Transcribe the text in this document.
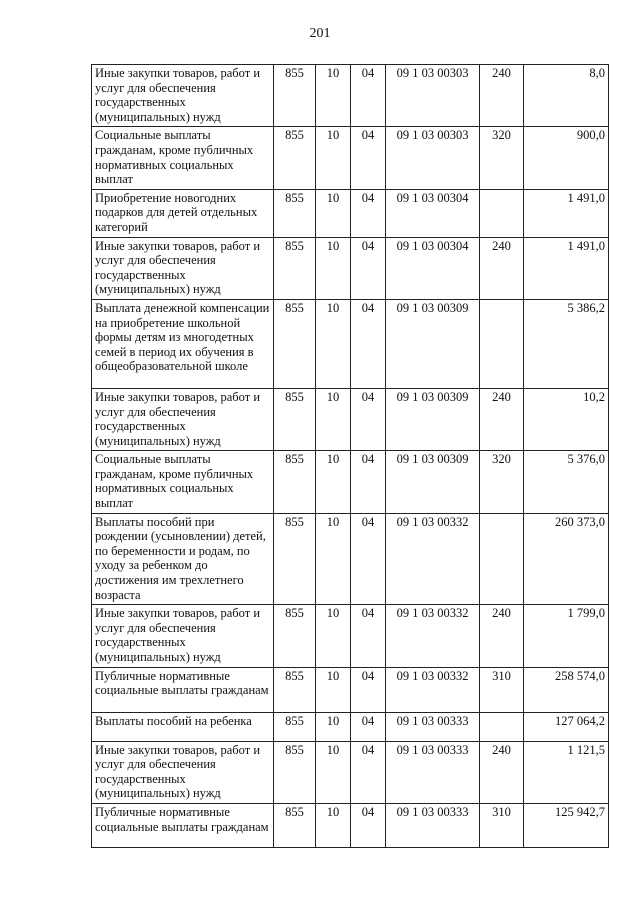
201
Иные закупки товаров, работ и услуг для обеспечения государственных (муниципальных) нужд	855	10	04	09 1 03 00303	240	8,0
Социальные выплаты гражданам, кроме публичных нормативных социальных выплат	855	10	04	09 1 03 00303	320	900,0
Приобретение новогодних подарков для детей отдельных категорий	855	10	04	09 1 03 00304		1 491,0
Иные закупки товаров, работ и услуг для обеспечения государственных (муниципальных) нужд	855	10	04	09 1 03 00304	240	1 491,0
Выплата денежной компенсации на приобретение школьной формы детям из многодетных семей в период их обучения в общеобразовательной школе	855	10	04	09 1 03 00309		5 386,2
Иные закупки товаров, работ и услуг для обеспечения государственных (муниципальных) нужд	855	10	04	09 1 03 00309	240	10,2
Социальные выплаты гражданам, кроме публичных нормативных социальных выплат	855	10	04	09 1 03 00309	320	5 376,0
Выплаты пособий при рождении (усыновлении) детей, по беременности и родам, по уходу за ребенком до достижения им трехлетнего возраста	855	10	04	09 1 03 00332		260 373,0
Иные закупки товаров, работ и услуг для обеспечения государственных (муниципальных) нужд	855	10	04	09 1 03 00332	240	1 799,0
Публичные нормативные социальные выплаты гражданам	855	10	04	09 1 03 00332	310	258 574,0
Выплаты пособий на ребенка	855	10	04	09 1 03 00333		127 064,2
Иные закупки товаров, работ и услуг для обеспечения государственных (муниципальных) нужд	855	10	04	09 1 03 00333	240	1 121,5
Публичные нормативные социальные выплаты гражданам	855	10	04	09 1 03 00333	310	125 942,7
